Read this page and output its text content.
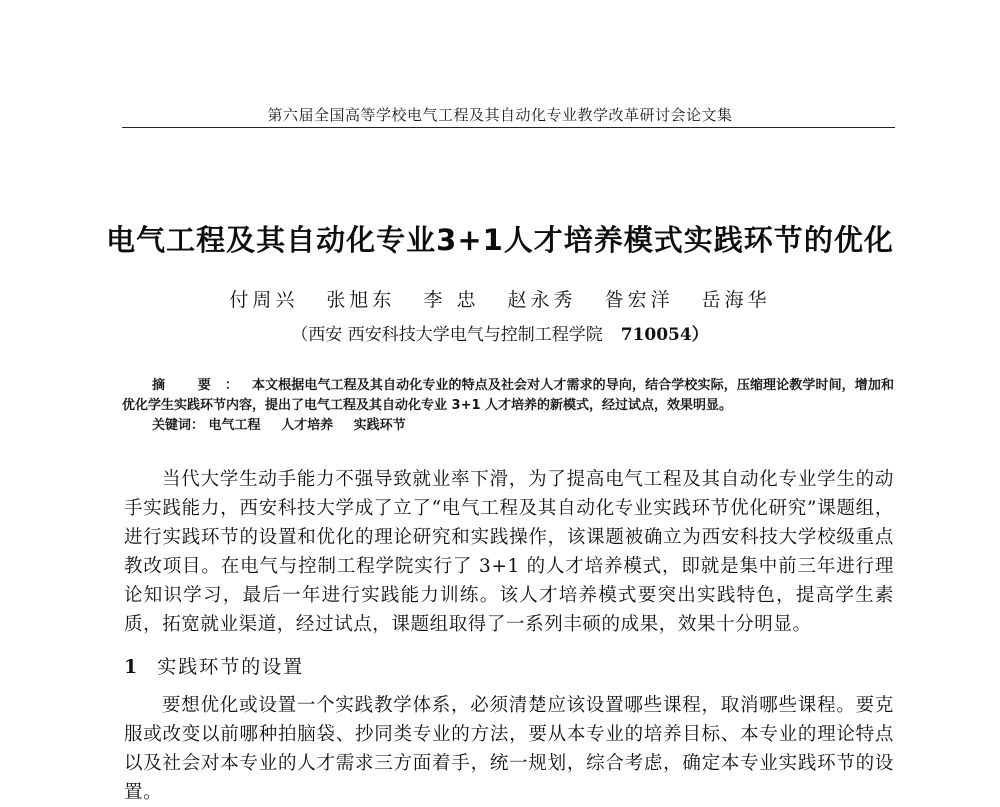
第六届全国高等学校电气工程及其自动化专业教学改革研讨会论文集
电气工程及其自动化专业3+1人才培养模式实践环节的优化
付周兴 张旭东 李 忠 赵永秀 昝宏洋 岳海华
（西安 西安科技大学电气与控制工程学院 710054）
摘 要：本文根据电气工程及其自动化专业的特点及社会对人才需求的导向，结合学校实际，压缩理论教学时间，增加和优化学生实践环节内容，提出了电气工程及其自动化专业 3+1 人才培养的新模式，经过试点，效果明显。
关键词： 电气工程 人才培养 实践环节

当代大学生动手能力不强导致就业率下滑，为了提高电气工程及其自动化专业学生的动手实践能力，西安科技大学成了立了“电气工程及其自动化专业实践环节优化研究”课题组，进行实践环节的设置和优化的理论研究和实践操作，该课题被确立为西安科技大学校级重点教改项目。在电气与控制工程学院实行了 3+1 的人才培养模式，即就是集中前三年进行理论知识学习，最后一年进行实践能力训练。该人才培养模式要突出实践特色，提高学生素质，拓宽就业渠道，经过试点，课题组取得了一系列丰硕的成果，效果十分明显。

1 实践环节的设置

要想优化或设置一个实践教学体系，必须清楚应该设置哪些课程，取消哪些课程。要克服或改变以前哪种拍脑袋、抄同类专业的方法，要从本专业的培养目标、本专业的理论特点以及社会对本专业的人才需求三方面着手，统一规划，综合考虑，确定本专业实践环节的设置。
